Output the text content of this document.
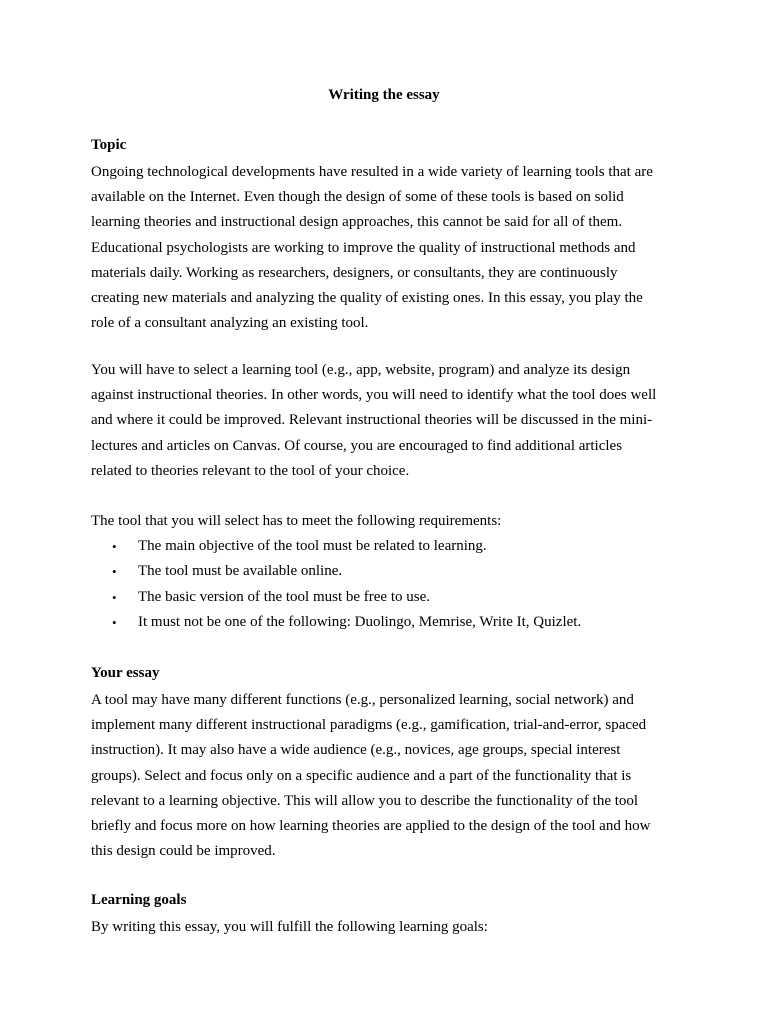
Writing the essay
Topic
Ongoing technological developments have resulted in a wide variety of learning tools that are
available on the Internet. Even though the design of some of these tools is based on solid
learning theories and instructional design approaches, this cannot be said for all of them.
Educational psychologists are working to improve the quality of instructional methods and
materials daily. Working as researchers, designers, or consultants, they are continuously
creating new materials and analyzing the quality of existing ones. In this essay, you play the
role of a consultant analyzing an existing tool.
You will have to select a learning tool (e.g., app, website, program) and analyze its design
against instructional theories. In other words, you will need to identify what the tool does well
and where it could be improved. Relevant instructional theories will be discussed in the mini-
lectures and articles on Canvas. Of course, you are encouraged to find additional articles
related to theories relevant to the tool of your choice.
The tool that you will select has to meet the following requirements:
• The main objective of the tool must be related to learning.
• The tool must be available online.
• The basic version of the tool must be free to use.
• It must not be one of the following: Duolingo, Memrise, Write It, Quizlet.
Your essay
A tool may have many different functions (e.g., personalized learning, social network) and
implement many different instructional paradigms (e.g., gamification, trial-and-error, spaced
instruction). It may also have a wide audience (e.g., novices, age groups, special interest
groups). Select and focus only on a specific audience and a part of the functionality that is
relevant to a learning objective. This will allow you to describe the functionality of the tool
briefly and focus more on how learning theories are applied to the design of the tool and how
this design could be improved.
Learning goals
By writing this essay, you will fulfill the following learning goals:
